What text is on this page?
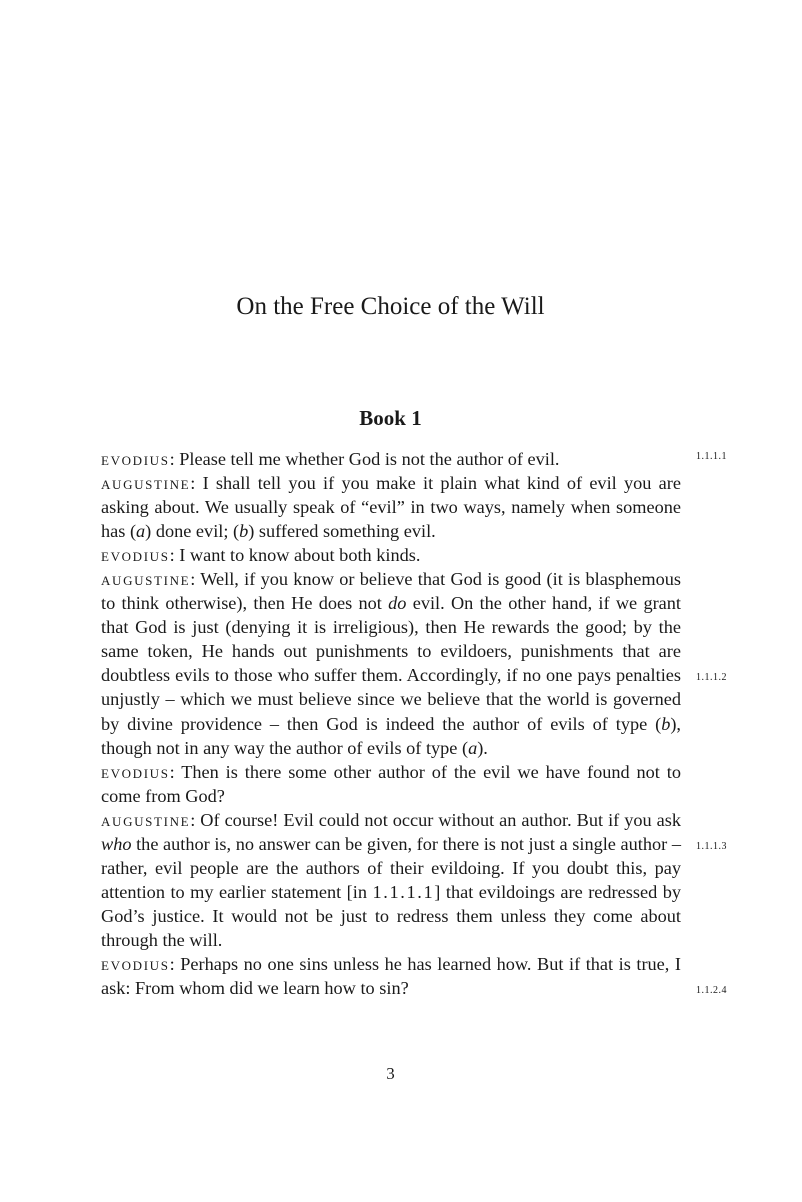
On the Free Choice of the Will
Book 1

evodius: Please tell me whether God is not the author of evil.

augustine: I shall tell you if you make it plain what kind of evil you are asking about. We usually speak of “evil” in two ways, namely when someone has (a) done evil; (b) suffered something evil.

evodius: I want to know about both kinds.

augustine: Well, if you know or believe that God is good (it is blasphemous to think otherwise), then He does not do evil. On the other hand, if we grant that God is just (denying it is irreligious), then He rewards the good; by the same token, He hands out punishments to evildoers, punishments that are doubtless evils to those who suffer them. Accordingly, if no one pays penalties unjustly – which we must believe since we believe that the world is governed by divine providence – then God is indeed the author of evils of type (b), though not in any way the author of evils of type (a).

evodius: Then is there some other author of the evil we have found not to come from God?

augustine: Of course! Evil could not occur without an author. But if you ask who the author is, no answer can be given, for there is not just a single author – rather, evil people are the authors of their evildoing. If you doubt this, pay attention to my earlier statement [in 1.1.1.1] that evildoings are redressed by God’s justice. It would not be just to redress them unless they come about through the will.

evodius: Perhaps no one sins unless he has learned how. But if that is true, I ask: From whom did we learn how to sin?

1.1.1.1
1.1.1.2
1.1.1.3
1.1.2.4
3
